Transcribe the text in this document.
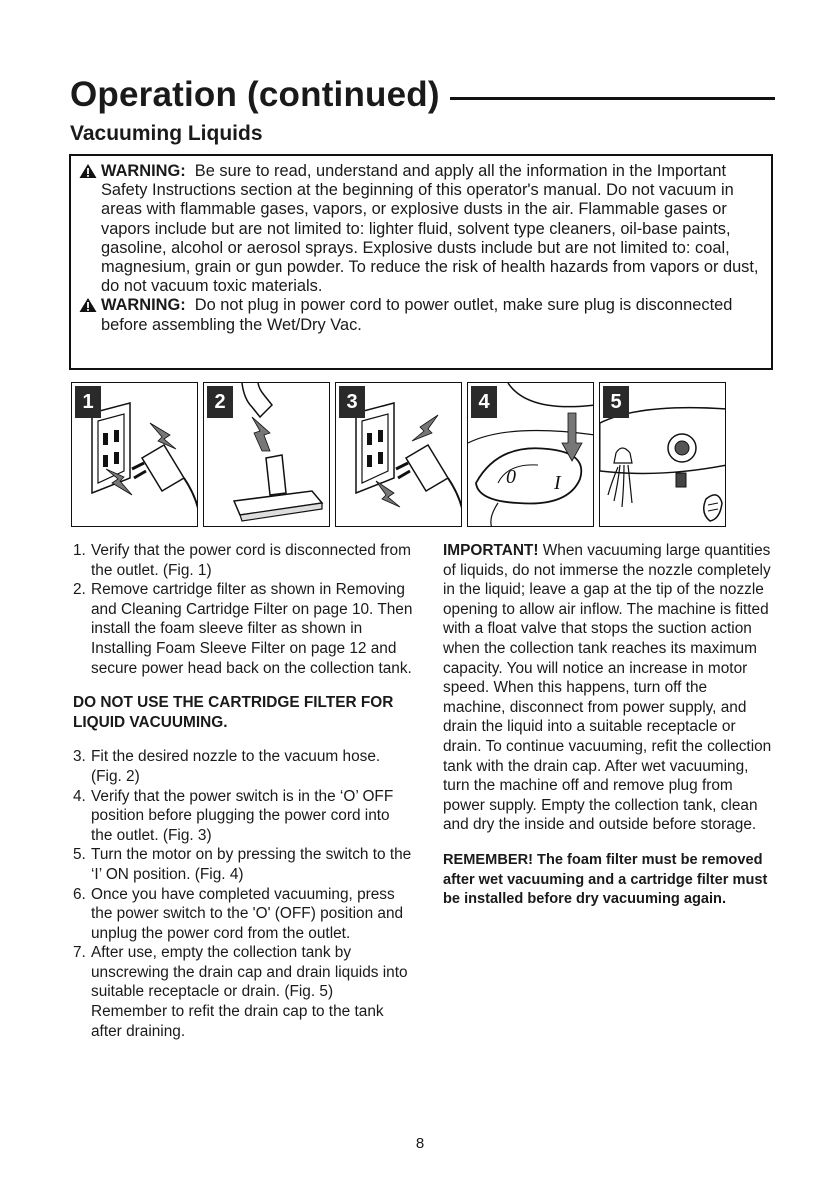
Operation (continued)
Vacuuming Liquids
WARNING: Be sure to read, understand and apply all the information in the Important Safety Instructions section at the beginning of this operator's manual. Do not vacuum in areas with flammable gases, vapors, or explosive dusts in the air. Flammable gases or vapors include but are not limited to: lighter fluid, solvent type cleaners, oil-base paints, gasoline, alcohol or aerosol sprays. Explosive dusts include but are not limited to: coal, magnesium, grain or gun powder. To reduce the risk of health hazards from vapors or dust, do not vacuum toxic materials.
WARNING: Do not plug in power cord to power outlet, make sure plug is disconnected before assembling the Wet/Dry Vac.
1	2	3
0 I
4	5
1. Verify that the power cord is disconnected from the outlet. (Fig. 1)
2. Remove cartridge filter as shown in Removing and Cleaning Cartridge Filter on page 10. Then install the foam sleeve filter as shown in Installing Foam Sleeve Filter on page 12 and secure power head back on the collection tank.
DO NOT USE THE CARTRIDGE FILTER FOR LIQUID VACUUMING.
3. Fit the desired nozzle to the vacuum hose. (Fig. 2)
4. Verify that the power switch is in the ‘O’ OFF position before plugging the power cord into the outlet. (Fig. 3)
5. Turn the motor on by pressing the switch to the ‘I’ ON position. (Fig. 4)
6. Once you have completed vacuuming, press the power switch to the 'O' (OFF) position and unplug the power cord from the outlet.
7. After use, empty the collection tank by unscrewing the drain cap and drain liquids into suitable receptacle or drain. (Fig. 5) Remember to refit the drain cap to the tank after draining.
IMPORTANT! When vacuuming large quantities of liquids, do not immerse the nozzle completely in the liquid; leave a gap at the tip of the nozzle opening to allow air inflow. The machine is fitted with a float valve that stops the suction action when the collection tank reaches its maximum capacity. You will notice an increase in motor speed. When this happens, turn off the machine, disconnect from power supply, and drain the liquid into a suitable receptacle or drain. To continue vacuuming, refit the collection tank with the drain cap. After wet vacuuming, turn the machine off and remove plug from power supply. Empty the collection tank, clean and dry the inside and outside before storage.
REMEMBER! The foam filter must be removed after wet vacuuming and a cartridge filter must be installed before dry vacuuming again.
8
